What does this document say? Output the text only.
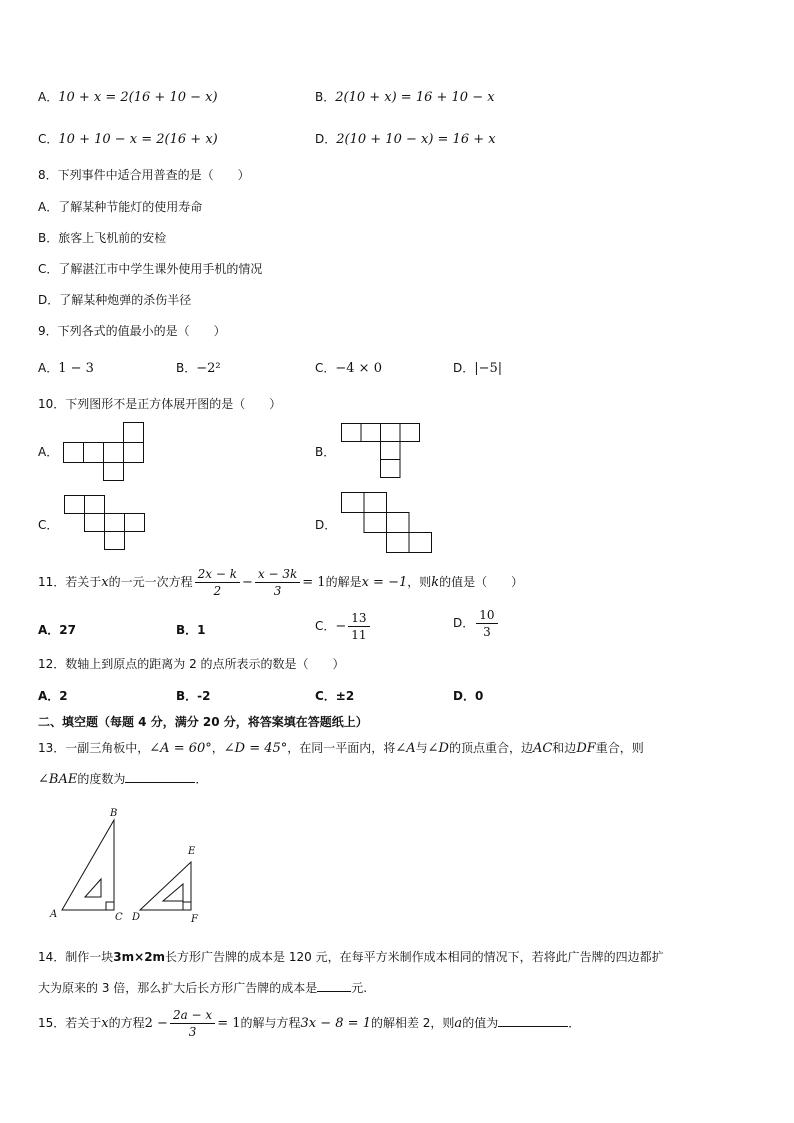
A．10 + x = 2(16 + 10 − x)	B．2(10 + x) = 16 + 10 − x
C．10 + 10 − x = 2(16 + x)	D．2(10 + 10 − x) = 16 + x
8．下列事件中适合用普查的是（　　）
A．了解某种节能灯的使用寿命
B．旅客上飞机前的安检
C．了解湛江市中学生课外使用手机的情况
D．了解某种炮弹的杀伤半径
9．下列各式的值最小的是（　　）
A．1 − 3	B．−2²	C．−4 × 0	D．|−5|
10．下列图形不是正方体展开图的是（　　）
A．	B．
C．	D．
11．若关于x的一元一次方程 $\frac{2x - k}{2} - \frac{x - 3k}{3} = 1$的解是x = −1，则k的值是（　　）
A．27	B．1	C．− $\frac{13}{11}$	D． $\frac{10}{3}$
12．数轴上到原点的距离为 2 的点所表示的数是（　　）
A．2	B．-2	C．±2	D．0
二、填空题（每题 4 分，满分 20 分，将答案填在答题纸上）
13．一副三角板中，∠A = 60°，∠D = 45°，在同一平面内，将∠A与∠D的顶点重合，边AC和边DF重合，则
∠BAE的度数为	．
B
A	C D
E
F
14．制作一块3m×2m长方形广告牌的成本是 120 元，在每平方米制作成本相同的情况下，若将此广告牌的四边都扩
大为原来的 3 倍，那么扩大后长方形广告牌的成本是	元.
15．若关于x的方程$2 - \frac{2a - x}{3} = 1$的解与方程3x − 8 = 1的解相差 2，则a的值为	．
